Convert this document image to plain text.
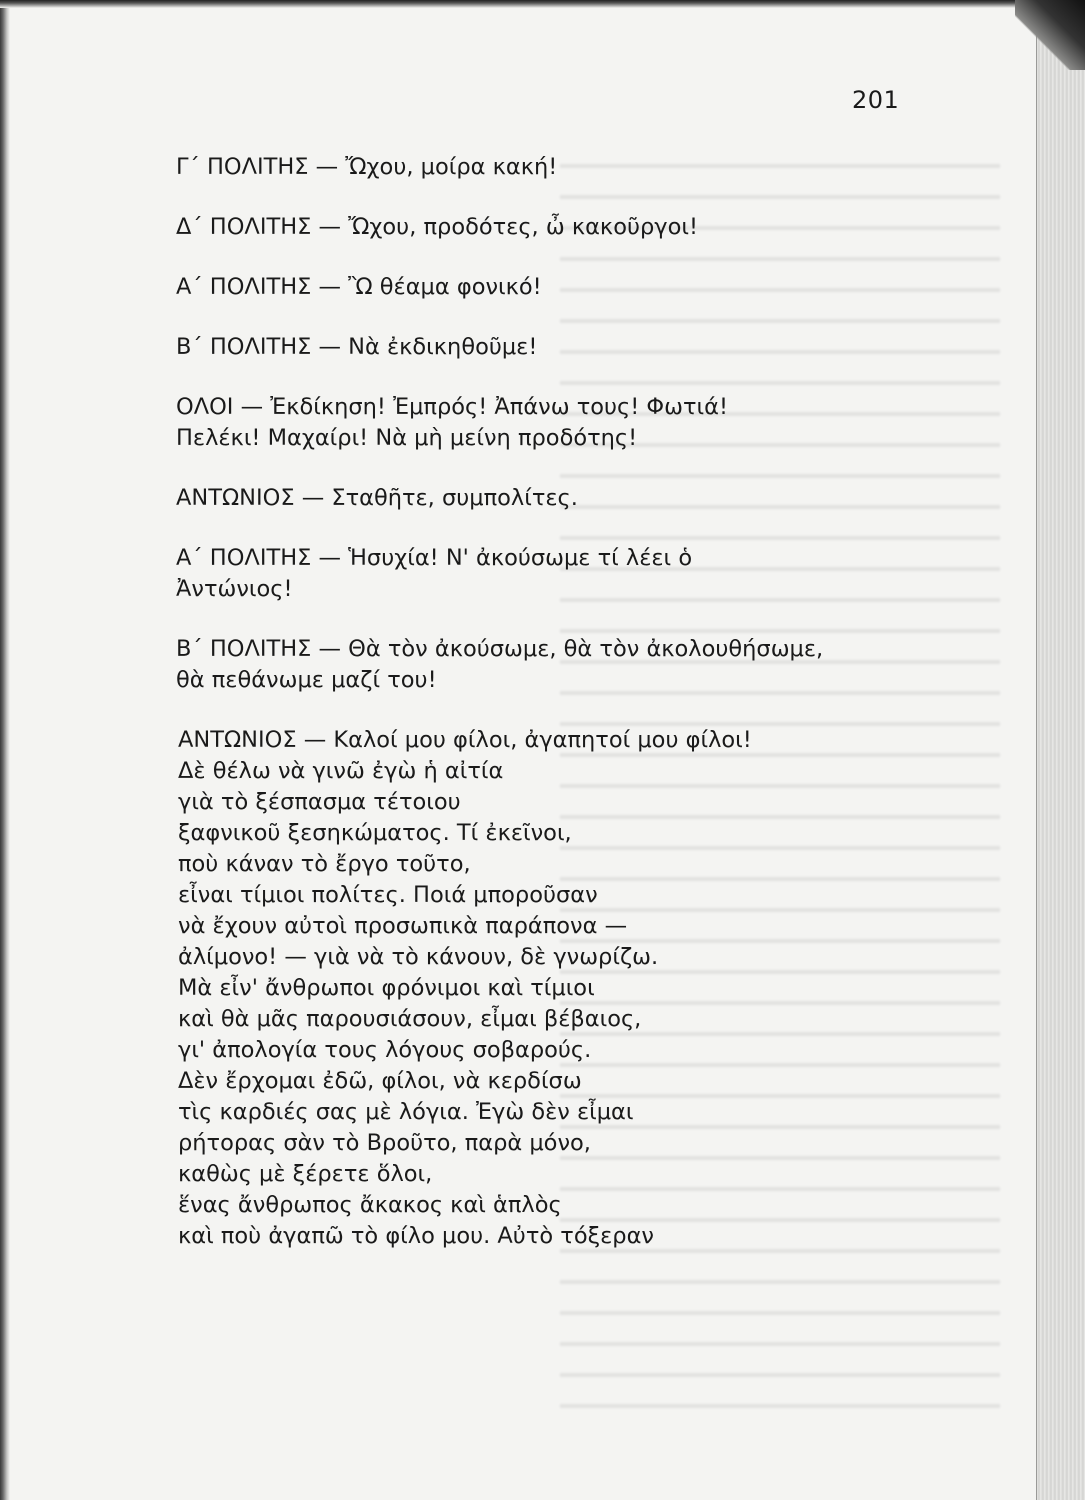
201

Γ΄ ΠΟΛΙΤΗΣ — Ὤχου, μοίρα κακή!

Δ΄ ΠΟΛΙΤΗΣ — Ὤχου, προδότες, ὦ κακοῦργοι!

Α΄ ΠΟΛΙΤΗΣ — Ὢ θέαμα φονικό!

Β΄ ΠΟΛΙΤΗΣ — Νὰ ἐκδικηθοῦμε!

ΟΛΟΙ — Ἐκδίκηση! Ἐμπρός! Ἀπάνω τους! Φωτιά!
Πελέκι! Μαχαίρι! Νὰ μὴ μείνη προδότης!

ΑΝΤΩΝΙΟΣ — Σταθῆτε, συμπολίτες.

Α΄ ΠΟΛΙΤΗΣ — Ἡσυχία! Ν' ἀκούσωμε τί λέει ὁ
Ἀντώνιος!

Β΄ ΠΟΛΙΤΗΣ — Θὰ τὸν ἀκούσωμε, θὰ τὸν ἀκολουθήσωμε,
θὰ πεθάνωμε μαζί του!

ΑΝΤΩΝΙΟΣ — Καλοί μου φίλοι, ἀγαπητοί μου φίλοι!
Δὲ θέλω νὰ γινῶ ἐγὼ ἡ αἰτία
γιὰ τὸ ξέσπασμα τέτοιου
ξαφνικοῦ ξεσηκώματος. Τί ἐκεῖνοι,
ποὺ κάναν τὸ ἔργο τοῦτο,
εἶναι τίμιοι πολίτες. Ποιά μποροῦσαν
νὰ ἔχουν αὐτοὶ προσωπικὰ παράπονα —
ἀλίμονο! — γιὰ νὰ τὸ κάνουν, δὲ γνωρίζω.
Μὰ εἶν' ἄνθρωποι φρόνιμοι καὶ τίμιοι
καὶ θὰ μᾶς παρουσιάσουν, εἶμαι βέβαιος,
γι' ἀπολογία τους λόγους σοβαρούς.
Δὲν ἔρχομαι ἐδῶ, φίλοι, νὰ κερδίσω
τὶς καρδιές σας μὲ λόγια. Ἐγὼ δὲν εἶμαι
ρήτορας σὰν τὸ Βροῦτο, παρὰ μόνο,
καθὼς μὲ ξέρετε ὅλοι,
ἕνας ἄνθρωπος ἄκακος καὶ ἁπλὸς
καὶ ποὺ ἀγαπῶ τὸ φίλο μου. Αὐτὸ τόξεραν
